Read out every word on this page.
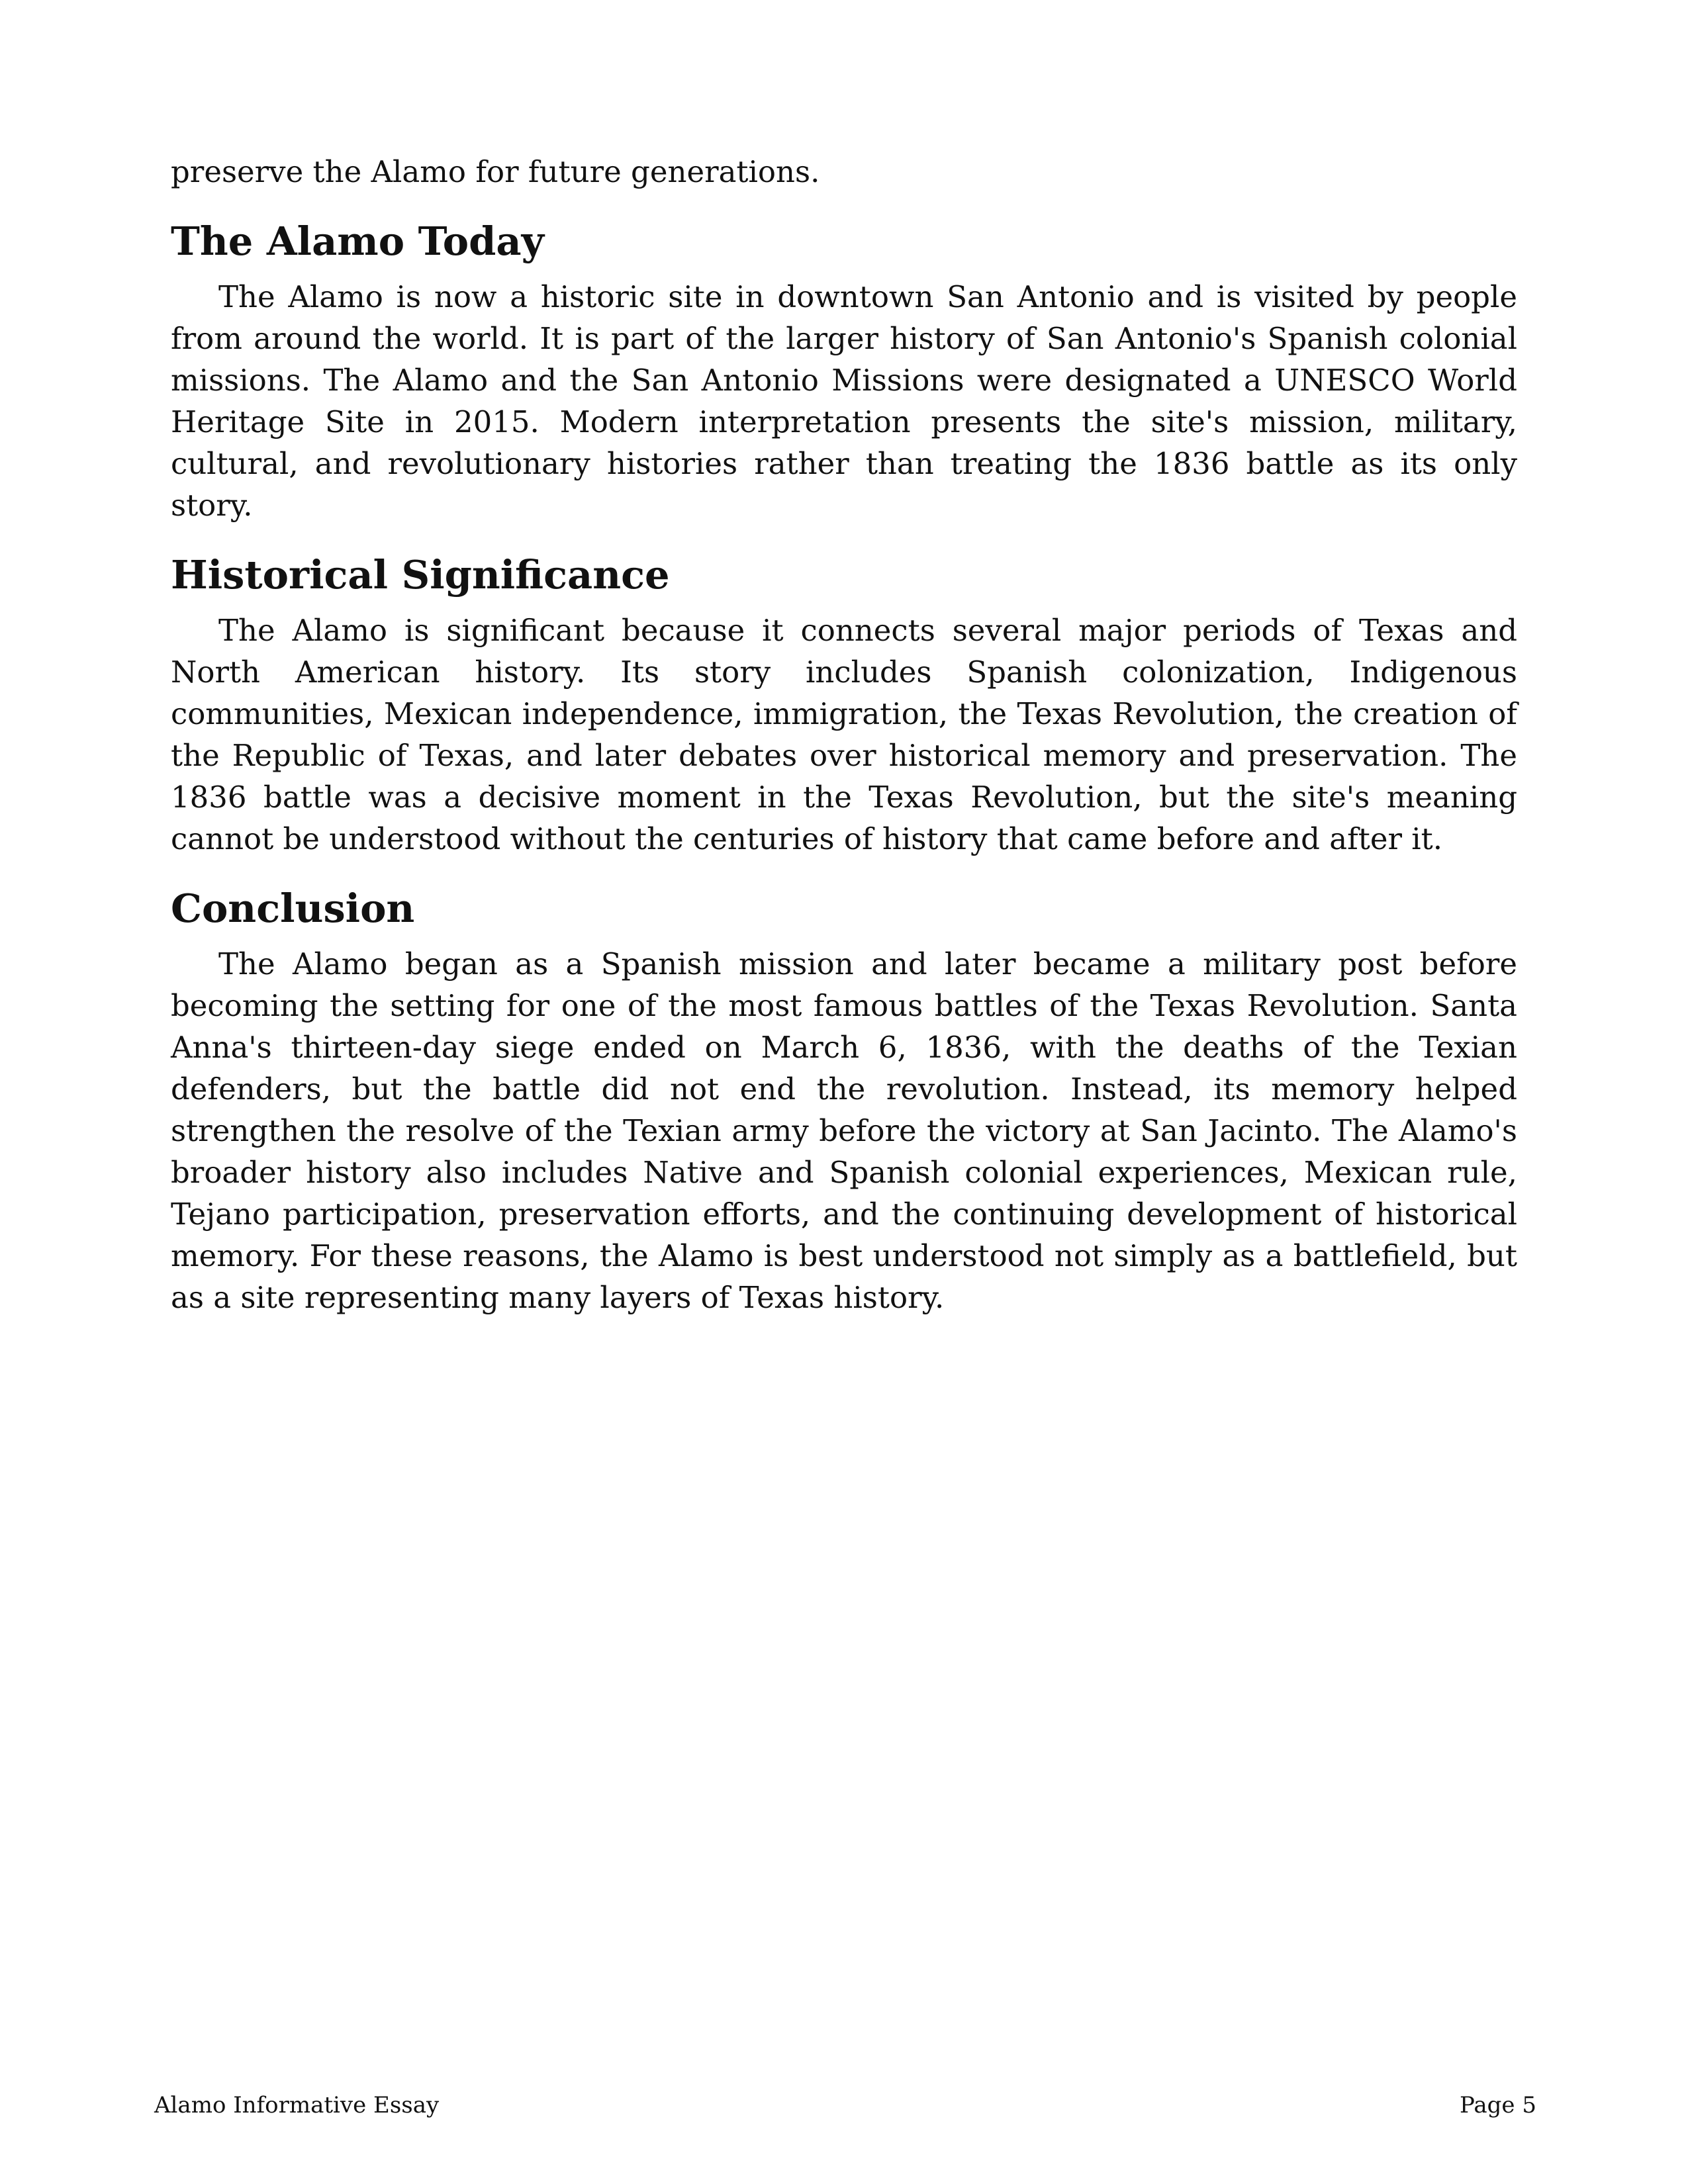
preserve the Alamo for future generations.

The Alamo Today

The Alamo is now a historic site in downtown San Antonio and is visited by people from around the world. It is part of the larger history of San Antonio's Spanish colonial missions. The Alamo and the San Antonio Missions were designated a UNESCO World Heritage Site in 2015. Modern interpretation presents the site's mission, military, cultural, and revolutionary histories rather than treating the 1836 battle as its only story.

Historical Significance

The Alamo is significant because it connects several major periods of Texas and North American history. Its story includes Spanish colonization, Indigenous communities, Mexican independence, immigration, the Texas Revolution, the creation of the Republic of Texas, and later debates over historical memory and preservation. The 1836 battle was a decisive moment in the Texas Revolution, but the site's meaning cannot be understood without the centuries of history that came before and after it.

Conclusion

The Alamo began as a Spanish mission and later became a military post before becoming the setting for one of the most famous battles of the Texas Revolution. Santa Anna's thirteen-day siege ended on March 6, 1836, with the deaths of the Texian defenders, but the battle did not end the revolution. Instead, its memory helped strengthen the resolve of the Texian army before the victory at San Jacinto. The Alamo's broader history also includes Native and Spanish colonial experiences, Mexican rule, Tejano participation, preservation efforts, and the continuing development of historical memory. For these reasons, the Alamo is best understood not simply as a battlefield, but as a site representing many layers of Texas history.

Alamo Informative Essay	Page 5
